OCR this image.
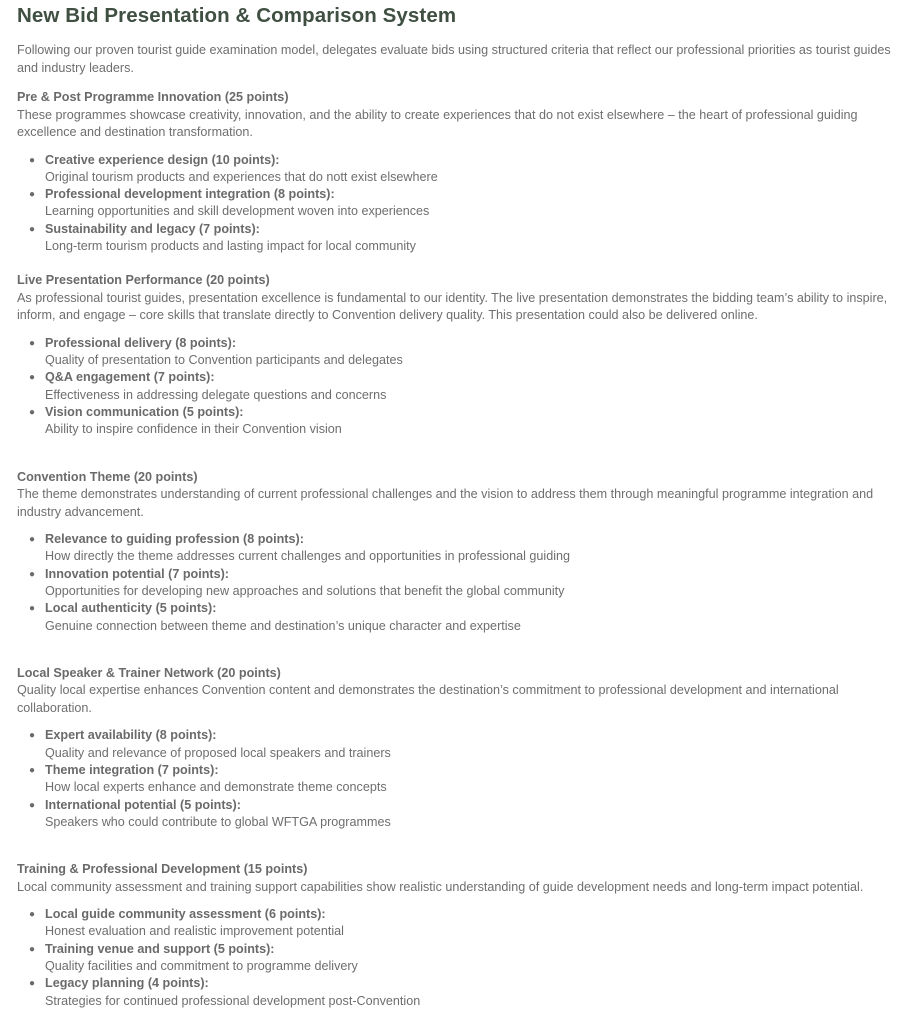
New Bid Presentation & Comparison System

Following our proven tourist guide examination model, delegates evaluate bids using structured criteria that reflect our professional priorities as tourist guides and industry leaders.

Pre & Post Programme Innovation (25 points)

These programmes showcase creativity, innovation, and the ability to create experiences that do not exist elsewhere – the heart of professional guiding excellence and destination transformation.

● Creative experience design (10 points):
Original tourism products and experiences that do nott exist elsewhere
● Professional development integration (8 points):
Learning opportunities and skill development woven into experiences
● Sustainability and legacy (7 points):
Long-term tourism products and lasting impact for local community
Live Presentation Performance (20 points)

As professional tourist guides, presentation excellence is fundamental to our identity. The live presentation demonstrates the bidding team’s ability to inspire, inform, and engage – core skills that translate directly to Convention delivery quality. This presentation could also be delivered online.

● Professional delivery (8 points):
Quality of presentation to Convention participants and delegates
● Q&A engagement (7 points):
Effectiveness in addressing delegate questions and concerns
● Vision communication (5 points):
Ability to inspire confidence in their Convention vision
Convention Theme (20 points)

The theme demonstrates understanding of current professional challenges and the vision to address them through meaningful programme integration and industry advancement.

● Relevance to guiding profession (8 points):
How directly the theme addresses current challenges and opportunities in professional guiding
● Innovation potential (7 points):
Opportunities for developing new approaches and solutions that benefit the global community
● Local authenticity (5 points):
Genuine connection between theme and destination’s unique character and expertise
Local Speaker & Trainer Network (20 points)

Quality local expertise enhances Convention content and demonstrates the destination’s commitment to professional development and international collaboration.

● Expert availability (8 points):
Quality and relevance of proposed local speakers and trainers
● Theme integration (7 points):
How local experts enhance and demonstrate theme concepts
● International potential (5 points):
Speakers who could contribute to global WFTGA programmes
Training & Professional Development (15 points)

Local community assessment and training support capabilities show realistic understanding of guide development needs and long-term impact potential.

● Local guide community assessment (6 points):
Honest evaluation and realistic improvement potential
● Training venue and support (5 points):
Quality facilities and commitment to programme delivery
● Legacy planning (4 points):
Strategies for continued professional development post-Convention
